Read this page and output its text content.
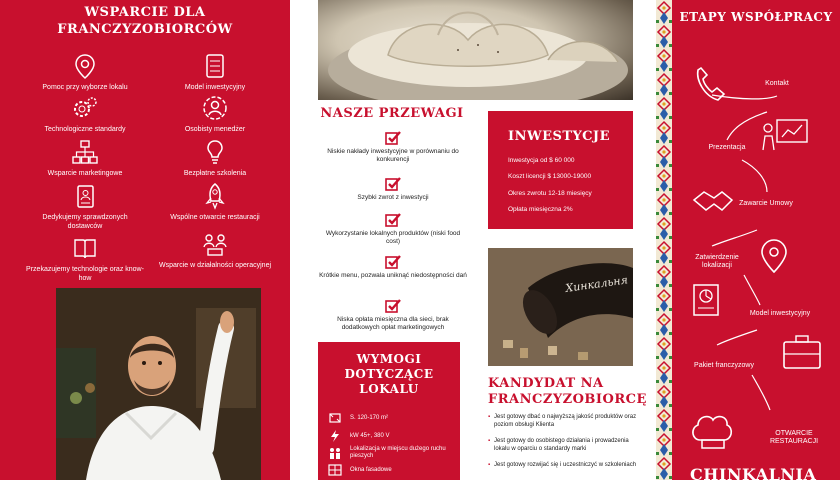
WSPARCIE DLA FRANCZYZOBIORCÓW
Pomoc przy wyborze lokalu	Model inwestycyjny
Technologiczne standardy	Osobisty menedżer
Wsparcie marketingowe	Bezpłatne szkolenia
Dedykujemy sprawdzonych dostawców
Wspólne otwarcie restauracji
Przekazujemy technologie oraz know-how
Wsparcie w działalności operacyjnej
NASZE PRZEWAGI
Niskie nakłady inwestycyjne w porównaniu do konkurencji
Szybki zwrot z inwestycji
Wykorzystanie lokalnych produktów (niski food cost)
Krótkie menu, pozwala uniknąć niedostępności dań
Niska opłata miesięczna dla sieci, brak dodatkowych opłat marketingowych
INWESTYCJE
Inwestycja od $ 60 000
Koszt licencji $ 13000-19000
Okres zwrotu 12-18 miesięcy
Opłata miesięczna 2%
Хинкальня
WYMOGI DOTYCZĄCE LOKALU
S. 120-170 m²
kW 45+, 380 V
Lokalizacja w miejscu dużego ruchu pieszych
Okna fasadowe
KANDYDAT NA FRANCZYZOBIORCĘ
▪ Jest gotowy dbać o najwyższą jakość produktów oraz poziom obsługi Klienta
▪ Jest gotowy do osobistego działania i prowadzenia lokalu w oparciu o standardy marki
▪ Jest gotowy rozwijać się i uczestniczyć w szkoleniach
ETAPY WSPÓŁPRACY
Kontakt
Prezentacja
Zawarcie Umowy
Zatwierdzenie lokalizacji
Model inwestycyjny
Pakiet franczyzowy
OTWARCIE RESTAURACJI
CHINKALNIA
